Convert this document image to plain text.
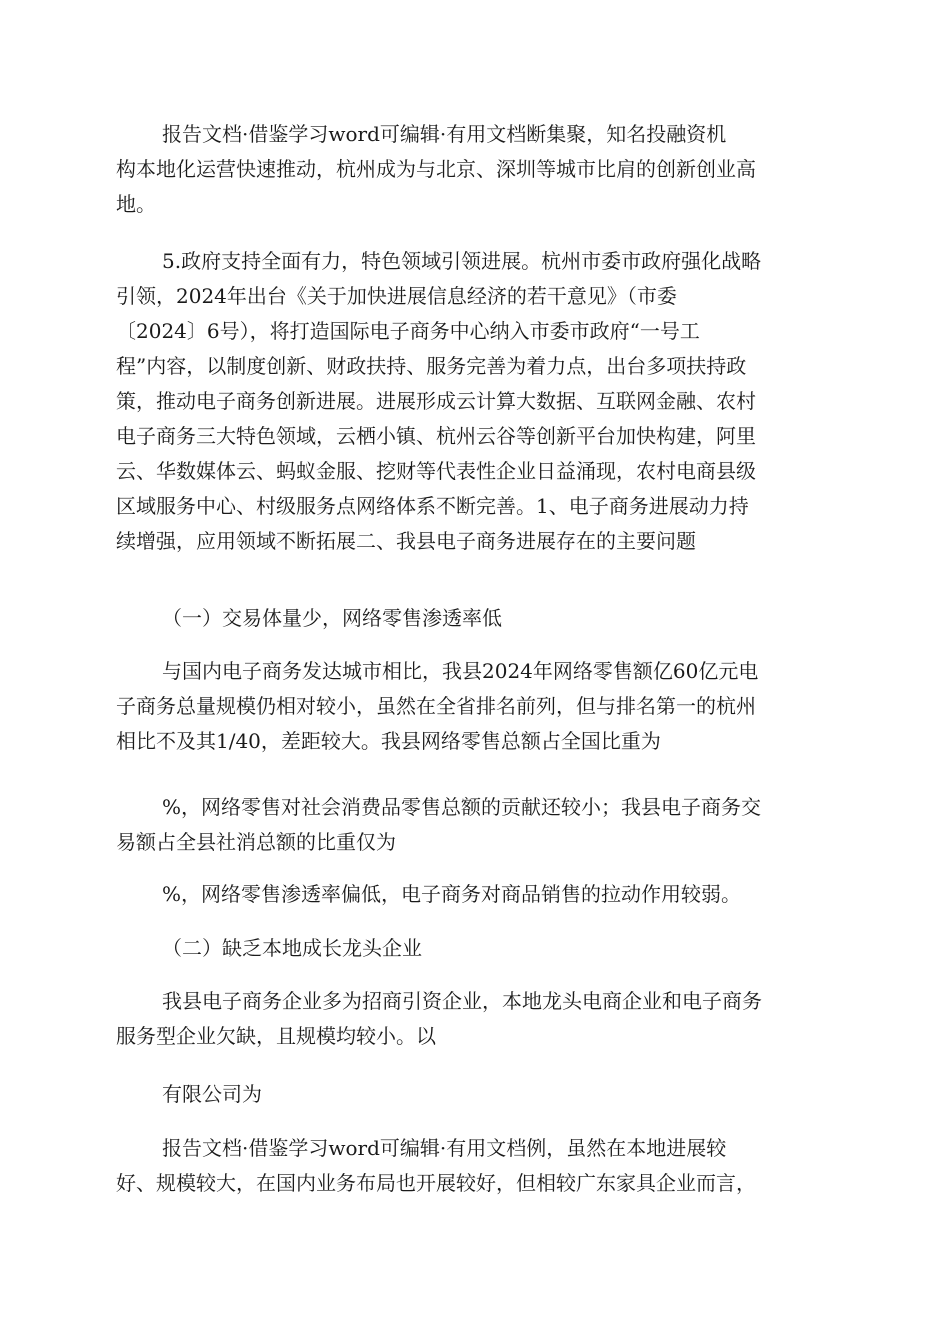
报告文档·借鉴学习word可编辑·有用文档断集聚，知名投融资机
构本地化运营快速推动，杭州成为与北京、深圳等城市比肩的创新创业高
地。

5.政府支持全面有力，特色领域引领进展。杭州市委市政府强化战略
引领，2024年出台《关于加快进展信息经济的若干意见》（市委
〔2024〕6号），将打造国际电子商务中心纳入市委市政府“一号工
程”内容，以制度创新、财政扶持、服务完善为着力点，出台多项扶持政
策，推动电子商务创新进展。进展形成云计算大数据、互联网金融、农村
电子商务三大特色领域，云栖小镇、杭州云谷等创新平台加快构建，阿里
云、华数媒体云、蚂蚁金服、挖财等代表性企业日益涌现，农村电商县级
区域服务中心、村级服务点网络体系不断完善。1、电子商务进展动力持
续增强，应用领域不断拓展二、我县电子商务进展存在的主要问题

（一）交易体量少，网络零售渗透率低

与国内电子商务发达城市相比，我县2024年网络零售额亿60亿元电
子商务总量规模仍相对较小，虽然在全省排名前列，但与排名第一的杭州
相比不及其1/40，差距较大。我县网络零售总额占全国比重为

%，网络零售对社会消费品零售总额的贡献还较小；我县电子商务交
易额占全县社消总额的比重仅为

%，网络零售渗透率偏低，电子商务对商品销售的拉动作用较弱。

（二）缺乏本地成长龙头企业

我县电子商务企业多为招商引资企业，本地龙头电商企业和电子商务
服务型企业欠缺，且规模均较小。以

有限公司为

报告文档·借鉴学习word可编辑·有用文档例，虽然在本地进展较
好、规模较大，在国内业务布局也开展较好，但相较广东家具企业而言，
